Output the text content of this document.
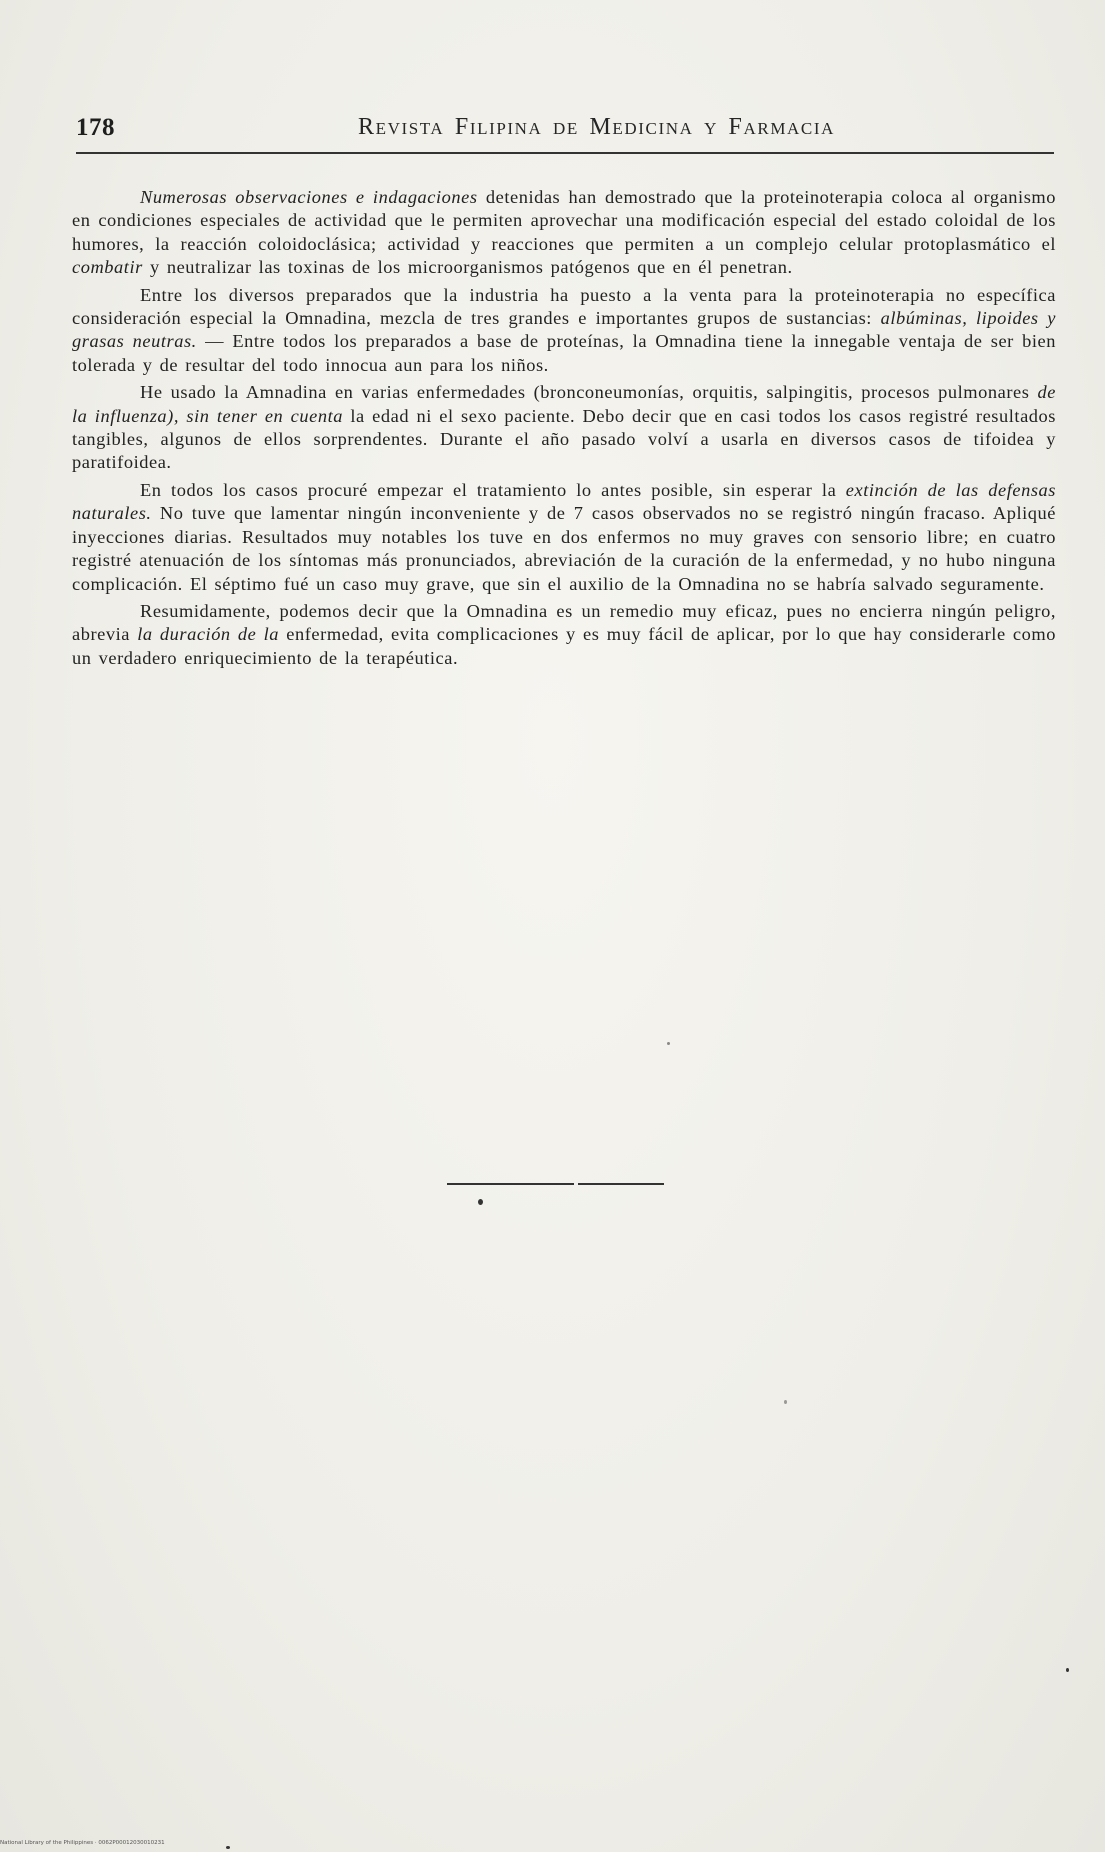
178	Revista Filipina de Medicina y Farmacia

Numerosas observaciones e indagaciones detenidas han demostrado que la proteinoterapia coloca al organismo en condiciones especiales de actividad que le permiten aprovechar una modificación especial del estado coloidal de los humores, la reacción coloidoclásica; actividad y reacciones que permiten a un complejo celular protoplasmático el combatir y neutralizar las toxinas de los microorganismos patógenos que en él penetran.

Entre los diversos preparados que la industria ha puesto a la venta para la proteinoterapia no específica consideración especial la Omnadina, mezcla de tres grandes e importantes grupos de sustancias: albúminas, lipoides y grasas neutras. — Entre todos los preparados a base de proteínas, la Omnadina tiene la innegable ventaja de ser bien tolerada y de resultar del todo innocua aun para los niños.

He usado la Amnadina en varias enfermedades (bronconeumonías, orquitis, salpingitis, procesos pulmonares de la influenza), sin tener en cuenta la edad ni el sexo paciente. Debo decir que en casi todos los casos registré resultados tangibles, algunos de ellos sorprendentes. Durante el año pasado volví a usarla en diversos casos de tifoidea y paratifoidea.

En todos los casos procuré empezar el tratamiento lo antes posible, sin esperar la extinción de las defensas naturales. No tuve que lamentar ningún inconveniente y de 7 casos observados no se registró ningún fracaso. Apliqué inyecciones diarias. Resultados muy notables los tuve en dos enfermos no muy graves con sensorio libre; en cuatro registré atenuación de los síntomas más pronunciados, abreviación de la curación de la enfermedad, y no hubo ninguna complicación. El séptimo fué un caso muy grave, que sin el auxilio de la Omnadina no se habría salvado seguramente.

Resumidamente, podemos decir que la Omnadina es un remedio muy eficaz, pues no encierra ningún peligro, abrevia la duración de la enfermedad, evita complicaciones y es muy fácil de aplicar, por lo que hay considerarle como un verdadero enriquecimiento de la terapéutica.

National Library of the Philippines · 0062P00012030010231
